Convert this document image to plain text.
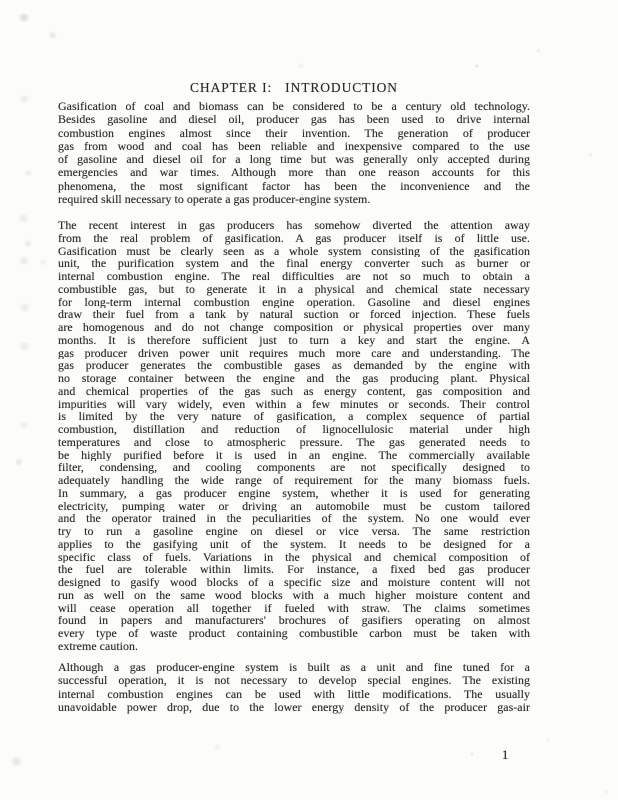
CHAPTER I: INTRODUCTION
Gasification of coal and biomass can be considered to be a century old technology.
Besides gasoline and diesel oil, producer gas has been used to drive internal
combustion engines almost since their invention. The generation of producer
gas from wood and coal has been reliable and inexpensive compared to the use
of gasoline and diesel oil for a long time but was generally only accepted during
emergencies and war times. Although more than one reason accounts for this
phenomena, the most significant factor has been the inconvenience and the
required skill necessary to operate a gas producer-engine system.
The recent interest in gas producers has somehow diverted the attention away
from the real problem of gasification. A gas producer itself is of little use.
Gasification must be clearly seen as a whole system consisting of the gasification
unit, the purification system and the final energy converter such as burner or
internal combustion engine. The real difficulties are not so much to obtain a
combustible gas, but to generate it in a physical and chemical state necessary
for long-term internal combustion engine operation. Gasoline and diesel engines
draw their fuel from a tank by natural suction or forced injection. These fuels
are homogenous and do not change composition or physical properties over many
months. It is therefore sufficient just to turn a key and start the engine. A
gas producer driven power unit requires much more care and understanding. The
gas producer generates the combustible gases as demanded by the engine with
no storage container between the engine and the gas producing plant. Physical
and chemical properties of the gas such as energy content, gas composition and
impurities will vary widely, even within a few minutes or seconds. Their control
is limited by the very nature of gasification, a complex sequence of partial
combustion, distillation and reduction of lignocellulosic material under high
temperatures and close to atmospheric pressure. The gas generated needs to
be highly purified before it is used in an engine. The commercially available
filter, condensing, and cooling components are not specifically designed to
adequately handling the wide range of requirement for the many biomass fuels.
In summary, a gas producer engine system, whether it is used for generating
electricity, pumping water or driving an automobile must be custom tailored
and the operator trained in the peculiarities of the system. No one would ever
try to run a gasoline engine on diesel or vice versa. The same restriction
applies to the gasifying unit of the system. It needs to be designed for a
specific class of fuels. Variations in the physical and chemical composition of
the fuel are tolerable within limits. For instance, a fixed bed gas producer
designed to gasify wood blocks of a specific size and moisture content will not
run as well on the same wood blocks with a much higher moisture content and
will cease operation all together if fueled with straw. The claims sometimes
found in papers and manufacturers' brochures of gasifiers operating on almost
every type of waste product containing combustible carbon must be taken with
extreme caution.
Although a gas producer-engine system is built as a unit and fine tuned for a
successful operation, it is not necessary to develop special engines. The existing
internal combustion engines can be used with little modifications. The usually
unavoidable power drop, due to the lower energy density of the producer gas-air
1
